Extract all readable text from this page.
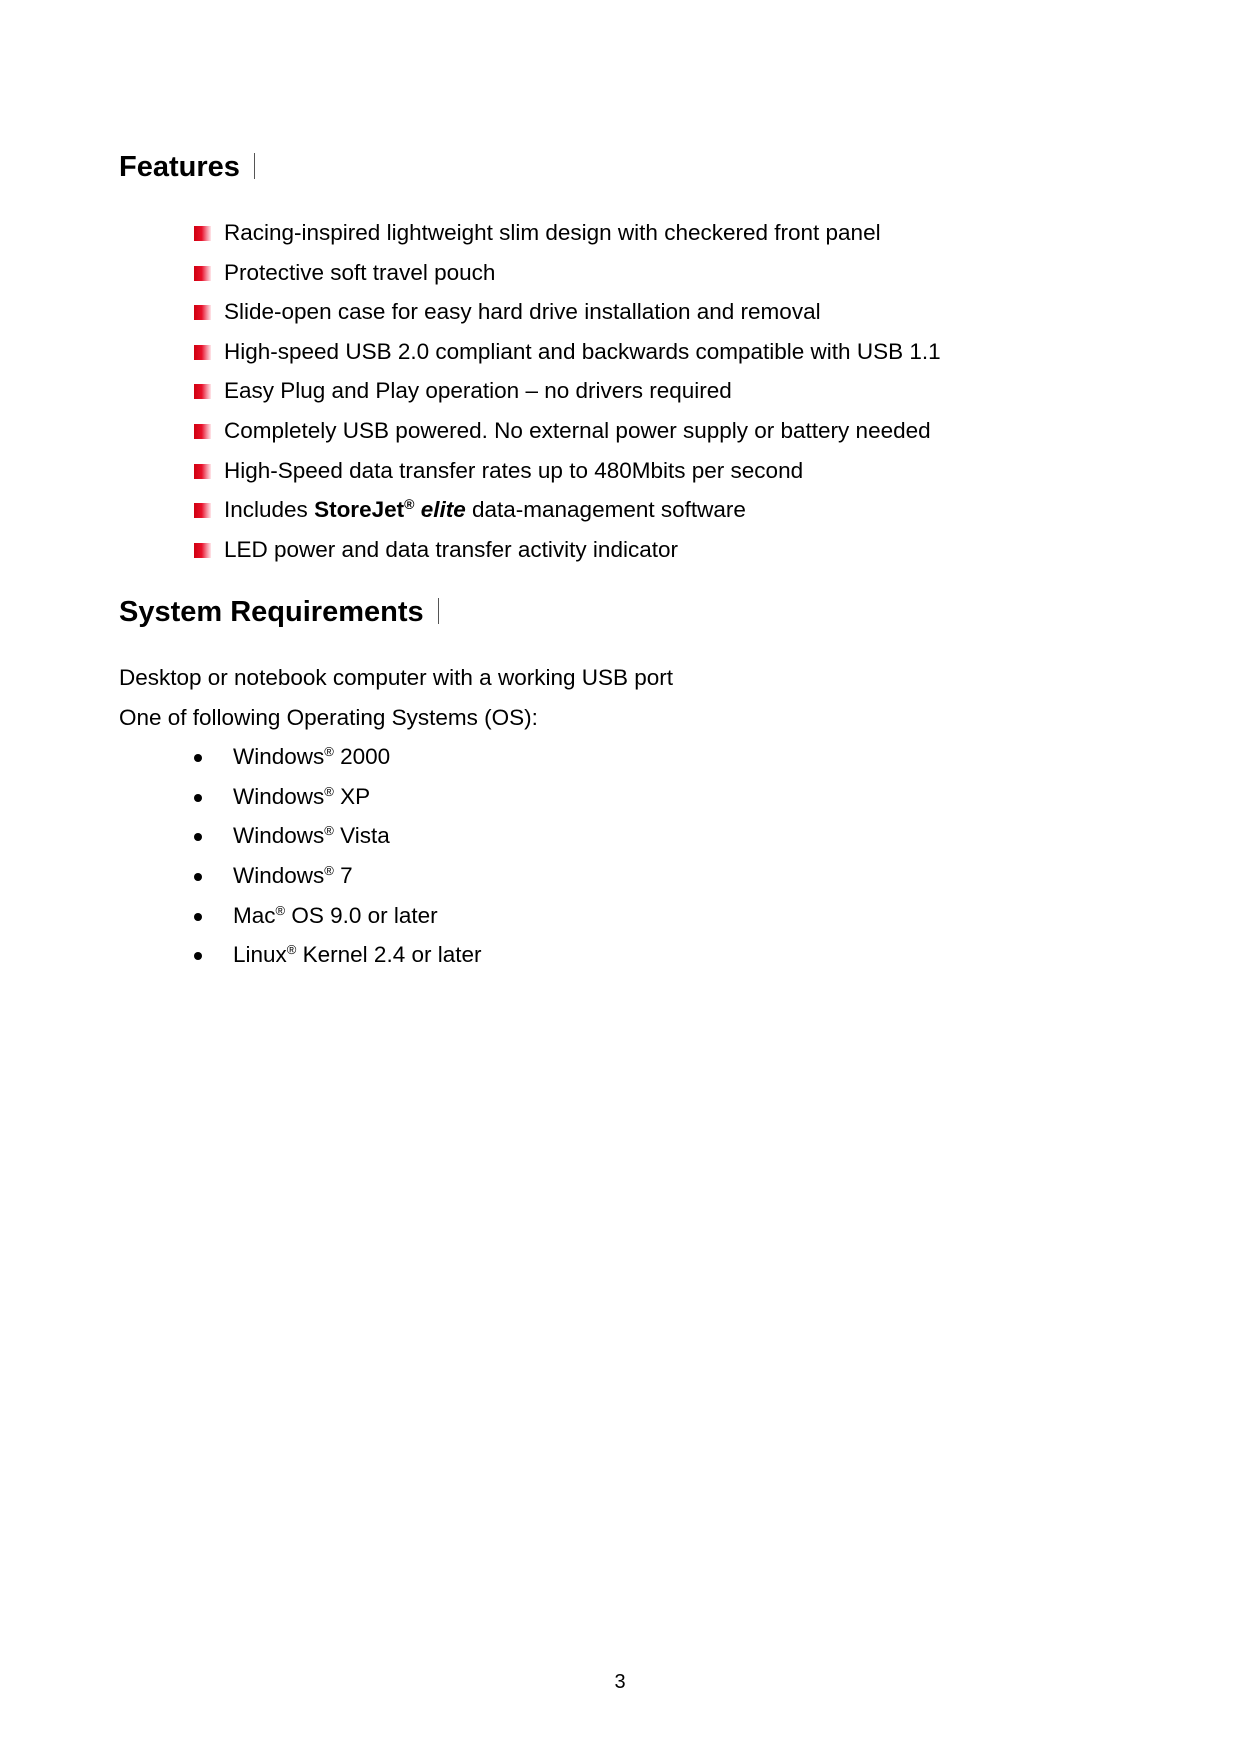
Features
Racing-inspired lightweight slim design with checkered front panel
Protective soft travel pouch
Slide-open case for easy hard drive installation and removal
High-speed USB 2.0 compliant and backwards compatible with USB 1.1
Easy Plug and Play operation – no drivers required
Completely USB powered. No external power supply or battery needed
High-Speed data transfer rates up to 480Mbits per second
Includes StoreJet® elite data-management software
LED power and data transfer activity indicator
System Requirements
Desktop or notebook computer with a working USB port
One of following Operating Systems (OS):
Windows® 2000
Windows® XP
Windows® Vista
Windows® 7
Mac® OS 9.0 or later
Linux® Kernel 2.4 or later
3
